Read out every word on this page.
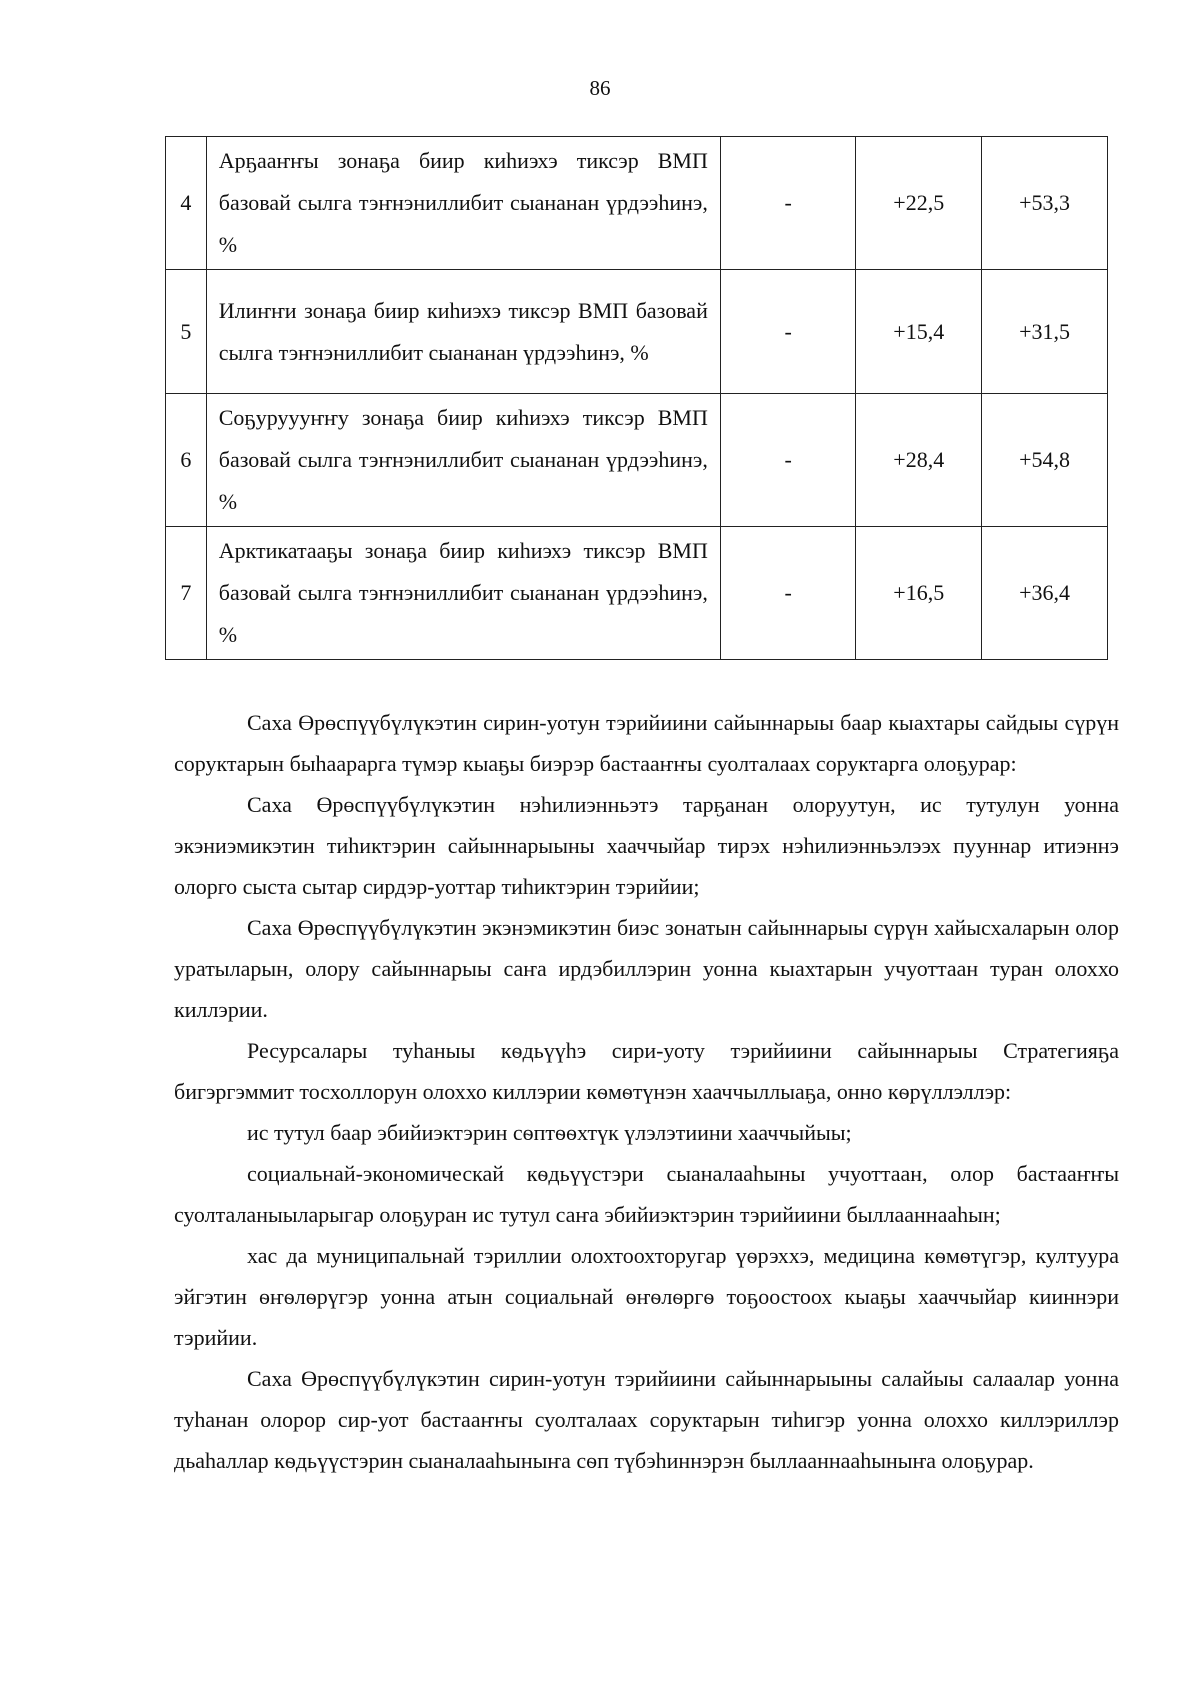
86
4	Арҕааҥҥы зонаҕа биир киһиэхэ тиксэр ВМП базовай сылга тэҥнэниллибит сыананан үрдээһинэ, %	-	+22,5	+53,3
5	Илиҥҥи зонаҕа биир киһиэхэ тиксэр ВМП базовай сылга тэҥнэниллибит сыананан үрдээһинэ, %	-	+15,4	+31,5
6	Соҕуруууҥҥу зонаҕа биир киһиэхэ тиксэр ВМП базовай сылга тэҥнэниллибит сыананан үрдээһинэ, %	-	+28,4	+54,8
7	Арктикатааҕы зонаҕа биир киһиэхэ тиксэр ВМП базовай сылга тэҥнэниллибит сыананан үрдээһинэ, %	-	+16,5	+36,4

Саха Өрөспүүбүлүкэтин сирин-уотун тэрийиини сайыннарыы баар кыахтары сайдыы сүрүн соруктарын быһаарарга түмэр кыаҕы биэрэр бастааҥҥы суолталаах соруктарга олоҕурар:

Саха Өрөспүүбүлүкэтин нэһилиэнньэтэ тарҕанан олоруутун, ис тутулун уонна экэниэмикэтин тиһиктэрин сайыннарыыны хааччыйар тирэх нэһилиэнньэлээх пууннар итиэннэ олорго сыста сытар сирдэр-уоттар тиһиктэрин тэрийии;

Саха Өрөспүүбүлүкэтин экэнэмикэтин биэс зонатын сайыннарыы сүрүн хайысхаларын олор уратыларын, олору сайыннарыы саҥа ирдэбиллэрин уонна кыахтарын учуоттаан туран олоххо киллэрии.

Ресурсалары туһаныы кѳдьүүһэ сири-уоту тэрийиини сайыннарыы Стратегияҕа бигэргэммит тосхоллорун олоххо киллэрии кѳмѳтүнэн хааччыллыаҕа, онно кѳрүллэллэр:

ис тутул баар эбийиэктэрин сѳптѳѳхтүк үлэлэтиини хааччыйыы;

социальнай-экономическай кѳдьүүстэри сыаналааһыны учуоттаан, олор бастааҥҥы суолталаныыларыгар олоҕуран ис тутул саҥа эбийиэктэрин тэрийиини быллааннааһын;

хас да муниципальнай тэриллии олохтоохторугар үѳрэххэ, медицина кѳмѳтүгэр, култуура эйгэтин ѳҥѳлѳрүгэр уонна атын социальнай ѳҥѳлѳргѳ тоҕоостоох кыаҕы хааччыйар кииннэри тэрийии.

Саха Өрөспүүбүлүкэтин сирин-уотун тэрийиини сайыннарыыны салайыы салаалар уонна туһанан олорор сир-уот бастааҥҥы суолталаах соруктарын тиһигэр уонна олоххо киллэриллэр дьаһаллар кѳдьүүстэрин сыаналааһыныҥа сѳп түбэһиннэрэн быллааннааһыныҥа олоҕурар.
